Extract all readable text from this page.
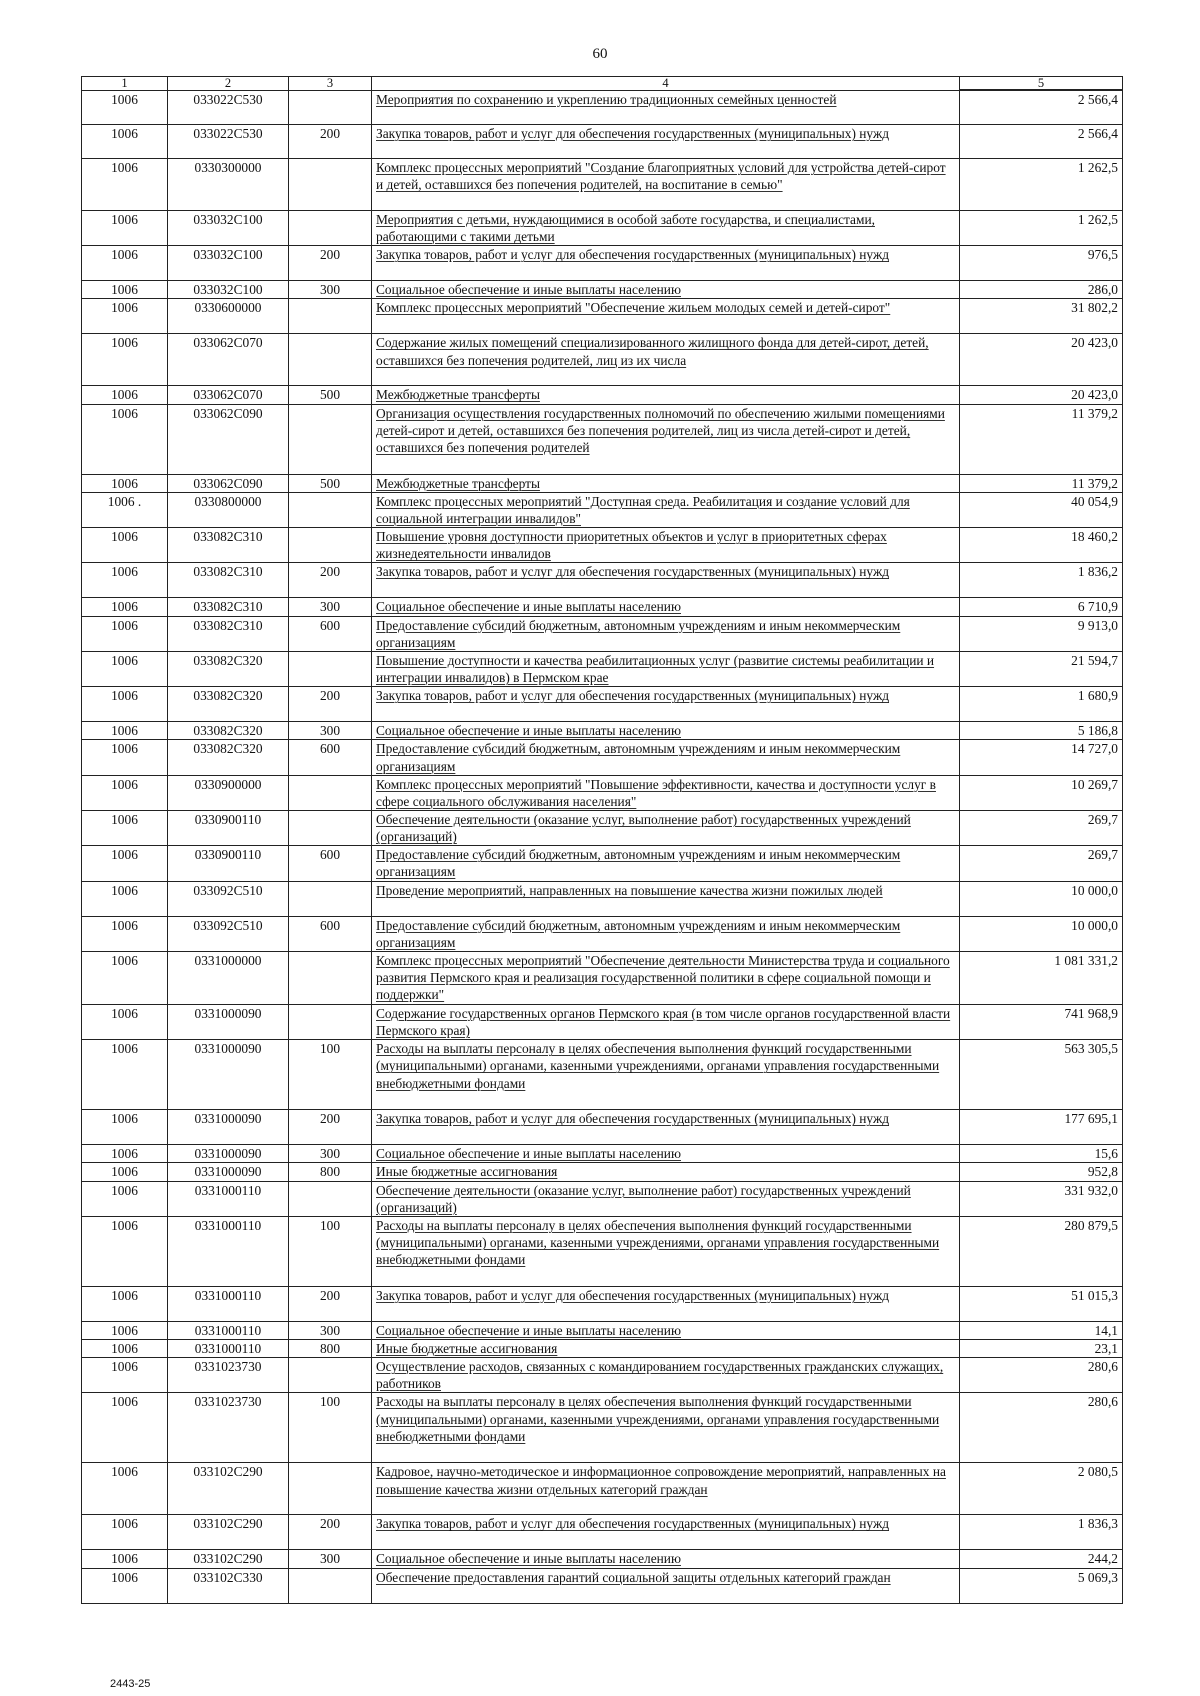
60
1	2	3	4	5
1006	033022С530		Мероприятия по сохранению и укреплению традиционных семейных ценностей	2 566,4
1006	033022С530	200	Закупка товаров, работ и услуг для обеспечения государственных (муниципальных) нужд	2 566,4
1006	0330300000		Комплекс процессных мероприятий "Создание благоприятных условий для устройства детей-сирот и детей, оставшихся без попечения родителей, на воспитание в семью"	1 262,5
1006	033032С100		Мероприятия с детьми, нуждающимися в особой заботе государства, и специалистами, работающими с такими детьми	1 262,5
1006	033032С100	200	Закупка товаров, работ и услуг для обеспечения государственных (муниципальных) нужд	976,5
1006	033032С100	300	Социальное обеспечение и иные выплаты населению	286,0
1006	0330600000		Комплекс процессных мероприятий "Обеспечение жильем молодых семей и детей-сирот"	31 802,2
1006	033062С070		Содержание жилых помещений специализированного жилищного фонда для детей-сирот, детей, оставшихся без попечения родителей, лиц из их числа	20 423,0
1006	033062С070	500	Межбюджетные трансферты	20 423,0
1006	033062С090		Организация осуществления государственных полномочий по обеспечению жилыми помещениями детей-сирот и детей, оставшихся без попечения родителей, лиц из числа детей-сирот и детей, оставшихся без попечения родителей	11 379,2
1006	033062С090	500	Межбюджетные трансферты	11 379,2
1006 .	0330800000		Комплекс процессных мероприятий "Доступная среда. Реабилитация и создание условий для социальной интеграции инвалидов"	40 054,9
1006	033082С310		Повышение уровня доступности приоритетных объектов и услуг в приоритетных сферах жизнедеятельности инвалидов	18 460,2
1006	033082С310	200	Закупка товаров, работ и услуг для обеспечения государственных (муниципальных) нужд	1 836,2
1006	033082С310	300	Социальное обеспечение и иные выплаты населению	6 710,9
1006	033082С310	600	Предоставление субсидий бюджетным, автономным учреждениям и иным некоммерческим организациям	9 913,0
1006	033082С320		Повышение доступности и качества реабилитационных услуг (развитие системы реабилитации и интеграции инвалидов) в Пермском крае	21 594,7
1006	033082С320	200	Закупка товаров, работ и услуг для обеспечения государственных (муниципальных) нужд	1 680,9
1006	033082С320	300	Социальное обеспечение и иные выплаты населению	5 186,8
1006	033082С320	600	Предоставление субсидий бюджетным, автономным учреждениям и иным некоммерческим организациям	14 727,0
1006	0330900000		Комплекс процессных мероприятий "Повышение эффективности, качества и доступности услуг в сфере социального обслуживания населения"	10 269,7
1006	0330900110		Обеспечение деятельности (оказание услуг, выполнение работ) государственных учреждений (организаций)	269,7
1006	0330900110	600	Предоставление субсидий бюджетным, автономным учреждениям и иным некоммерческим организациям	269,7
1006	033092С510		Проведение мероприятий, направленных на повышение качества жизни пожилых людей	10 000,0
1006	033092С510	600	Предоставление субсидий бюджетным, автономным учреждениям и иным некоммерческим организациям	10 000,0
1006	0331000000		Комплекс процессных мероприятий "Обеспечение деятельности Министерства труда и социального развития Пермского края и реализация государственной политики в сфере социальной помощи и поддержки"	1 081 331,2
1006	0331000090		Содержание государственных органов Пермского края (в том числе органов государственной власти Пермского края)	741 968,9
1006	0331000090	100	Расходы на выплаты персоналу в целях обеспечения выполнения функций государственными (муниципальными) органами, казенными учреждениями, органами управления государственными внебюджетными фондами	563 305,5
1006	0331000090	200	Закупка товаров, работ и услуг для обеспечения государственных (муниципальных) нужд	177 695,1
1006	0331000090	300	Социальное обеспечение и иные выплаты населению	15,6
1006	0331000090	800	Иные бюджетные ассигнования	952,8
1006	0331000110		Обеспечение деятельности (оказание услуг, выполнение работ) государственных учреждений (организаций)	331 932,0
1006	0331000110	100	Расходы на выплаты персоналу в целях обеспечения выполнения функций государственными (муниципальными) органами, казенными учреждениями, органами управления государственными внебюджетными фондами	280 879,5
1006	0331000110	200	Закупка товаров, работ и услуг для обеспечения государственных (муниципальных) нужд	51 015,3
1006	0331000110	300	Социальное обеспечение и иные выплаты населению	14,1
1006	0331000110	800	Иные бюджетные ассигнования	23,1
1006	0331023730		Осуществление расходов, связанных с командированием государственных гражданских служащих, работников	280,6
1006	0331023730	100	Расходы на выплаты персоналу в целях обеспечения выполнения функций государственными (муниципальными) органами, казенными учреждениями, органами управления государственными внебюджетными фондами	280,6
1006	033102С290		Кадровое, научно-методическое и информационное сопровождение мероприятий, направленных на повышение качества жизни отдельных категорий граждан	2 080,5
1006	033102С290	200	Закупка товаров, работ и услуг для обеспечения государственных (муниципальных) нужд	1 836,3
1006	033102С290	300	Социальное обеспечение и иные выплаты населению	244,2
1006	033102С330		Обеспечение предоставления гарантий социальной защиты отдельных категорий граждан	5 069,3
2443-25
